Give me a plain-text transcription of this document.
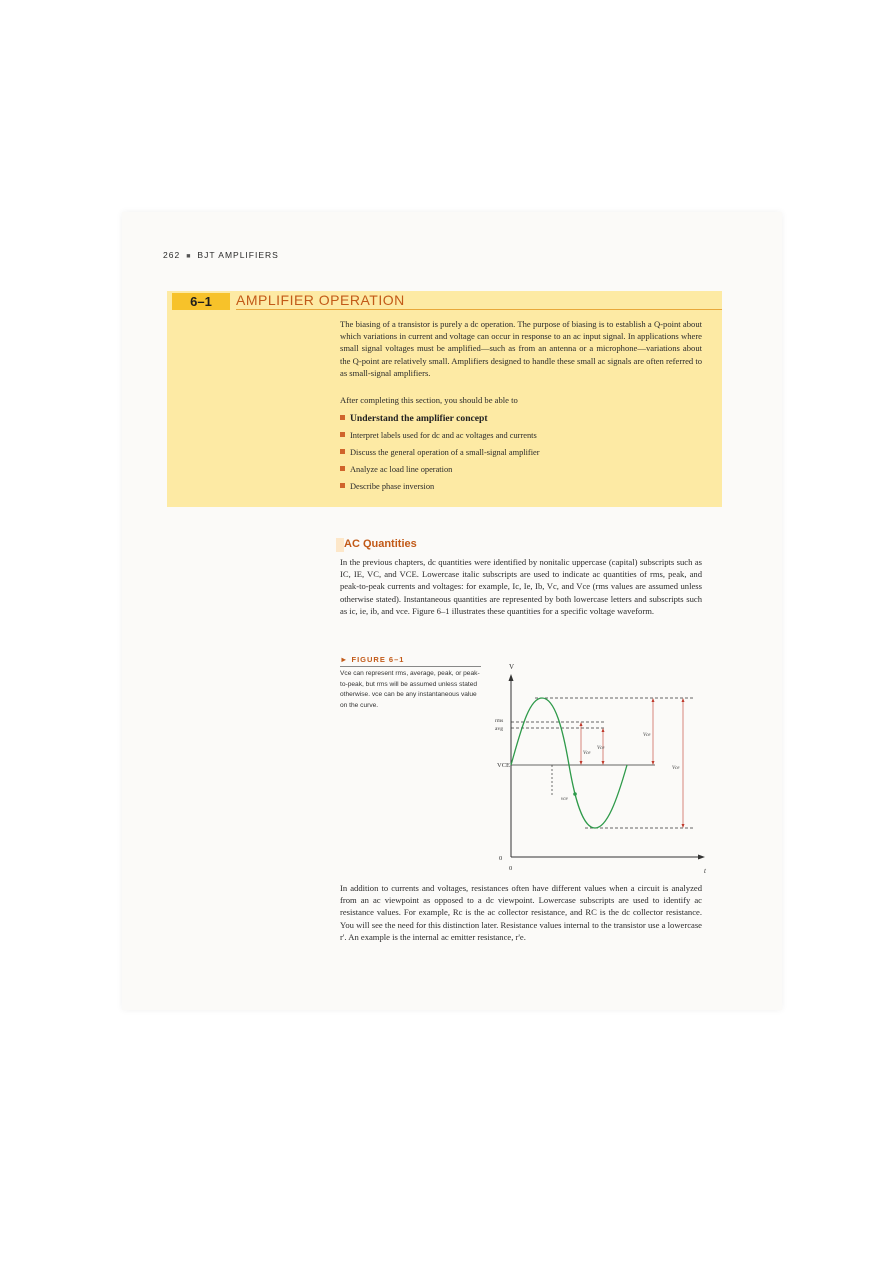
262 ■ BJT AMPLIFIERS
6–1	AMPLIFIER OPERATION
The biasing of a transistor is purely a dc operation. The purpose of biasing is to establish a Q-point about which variations in current and voltage can occur in response to an ac input signal. In applications where small signal voltages must be amplified—such as from an antenna or a microphone—variations about the Q-point are relatively small. Amplifiers designed to handle these small ac signals are often referred to as small-signal amplifiers.
After completing this section, you should be able to
Understand the amplifier concept
Interpret labels used for dc and ac voltages and currents
Discuss the general operation of a small-signal amplifier
Analyze ac load line operation
Describe phase inversion
AC Quantities
In the previous chapters, dc quantities were identified by nonitalic uppercase (capital) subscripts such as IC, IE, VC, and VCE. Lowercase italic subscripts are used to indicate ac quantities of rms, peak, and peak-to-peak currents and voltages: for example, Ic, Ie, Ib, Vc, and Vce (rms values are assumed unless otherwise stated). Instantaneous quantities are represented by both lowercase letters and subscripts such as ic, ie, ib, and vce. Figure 6–1 illustrates these quantities for a specific voltage waveform.
► FIGURE 6–1
Vce can represent rms, average, peak, or peak-to-peak, but rms will be assumed unless stated otherwise. vce can be any instantaneous value on the curve.
V
t
0
0
VCE
rms
avg
Vce
Vce
Vce
Vce
vce
In addition to currents and voltages, resistances often have different values when a circuit is analyzed from an ac viewpoint as opposed to a dc viewpoint. Lowercase subscripts are used to identify ac resistance values. For example, Rc is the ac collector resistance, and RC is the dc collector resistance. You will see the need for this distinction later. Resistance values internal to the transistor use a lowercase r'. An example is the internal ac emitter resistance, r'e.
